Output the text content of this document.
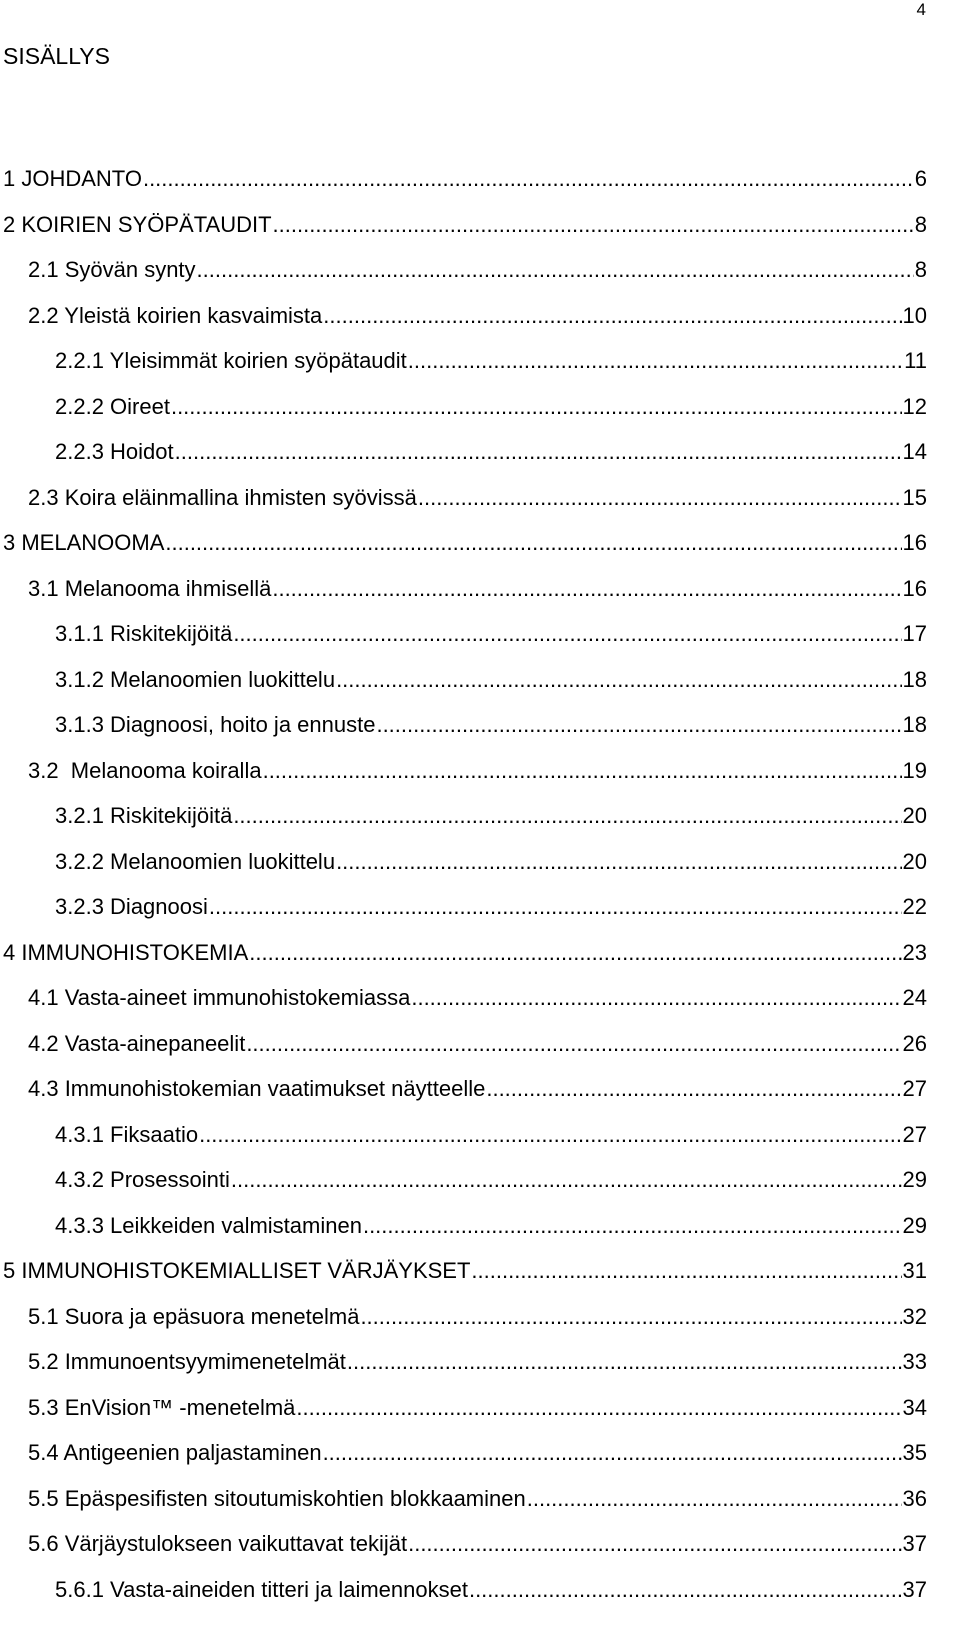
4
SISÄLLYS
1 JOHDANTO .....	6
2 KOIRIEN SYÖPÄTAUDIT .....	8
2.1 Syövän synty .....	8
2.2 Yleistä koirien kasvaimista .....	10
2.2.1 Yleisimmät koirien syöpätaudit .....	11
2.2.2 Oireet .....	12
2.2.3 Hoidot .....	14
2.3 Koira eläinmallina ihmisten syövissä .....	15
3 MELANOOMA .....	16
3.1 Melanooma ihmisellä .....	16
3.1.1 Riskitekijöitä .....	17
3.1.2 Melanoomien luokittelu .....	18
3.1.3 Diagnoosi, hoito ja ennuste .....	18
3.2  Melanooma koiralla .....	19
3.2.1 Riskitekijöitä .....	20
3.2.2 Melanoomien luokittelu .....	20
3.2.3 Diagnoosi .....	22
4 IMMUNOHISTOKEMIA .....	23
4.1 Vasta-aineet immunohistokemiassa .....	24
4.2 Vasta-ainepaneelit .....	26
4.3 Immunohistokemian vaatimukset näytteelle .....	27
4.3.1 Fiksaatio .....	27
4.3.2 Prosessointi .....	29
4.3.3 Leikkeiden valmistaminen .....	29
5 IMMUNOHISTOKEMIALLISET VÄRJÄYKSET .....	31
5.1 Suora ja epäsuora menetelmä .....	32
5.2 Immunoentsyymimenetelmät .....	33
5.3 EnVision™ -menetelmä .....	34
5.4 Antigeenien paljastaminen .....	35
5.5 Epäspesifisten sitoutumiskohtien blokkaaminen .....	36
5.6 Värjäystulokseen vaikuttavat tekijät .....	37
5.6.1 Vasta-aineiden titteri ja laimennokset .....	37
